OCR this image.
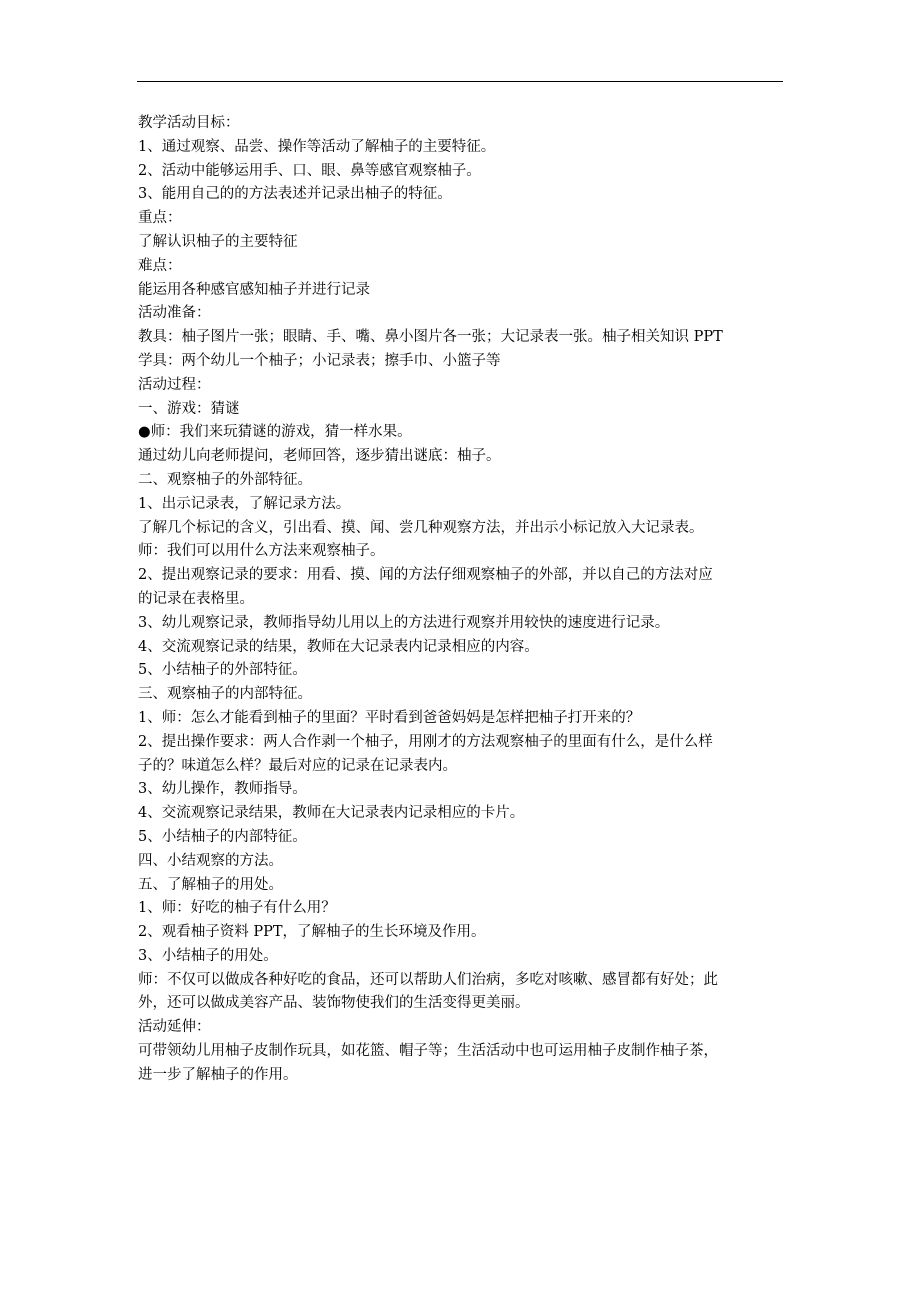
教学活动目标：

1、通过观察、品尝、操作等活动了解柚子的主要特征。

2、活动中能够运用手、口、眼、鼻等感官观察柚子。

3、能用自己的的方法表述并记录出柚子的特征。

重点：

了解认识柚子的主要特征

难点：

能运用各种感官感知柚子并进行记录

活动准备：

教具：柚子图片一张；眼睛、手、嘴、鼻小图片各一张；大记录表一张。柚子相关知识 PPT

学具：两个幼儿一个柚子；小记录表；擦手巾、小篮子等

活动过程：

一、游戏：猜谜

●师：我们来玩猜谜的游戏，猜一样水果。

通过幼儿向老师提问，老师回答，逐步猜出谜底：柚子。

二、观察柚子的外部特征。

1、出示记录表，了解记录方法。

了解几个标记的含义，引出看、摸、闻、尝几种观察方法，并出示小标记放入大记录表。

师：我们可以用什么方法来观察柚子。

2、提出观察记录的要求：用看、摸、闻的方法仔细观察柚子的外部，并以自己的方法对应

的记录在表格里。

3、幼儿观察记录，教师指导幼儿用以上的方法进行观察并用较快的速度进行记录。

4、交流观察记录的结果，教师在大记录表内记录相应的内容。

5、小结柚子的外部特征。

三、观察柚子的内部特征。

1、师：怎么才能看到柚子的里面？平时看到爸爸妈妈是怎样把柚子打开来的？

2、提出操作要求：两人合作剥一个柚子，用刚才的方法观察柚子的里面有什么，是什么样

子的？味道怎么样？最后对应的记录在记录表内。

3、幼儿操作，教师指导。

4、交流观察记录结果，教师在大记录表内记录相应的卡片。

5、小结柚子的内部特征。

四、小结观察的方法。

五、了解柚子的用处。

1、师：好吃的柚子有什么用？

2、观看柚子资料 PPT，了解柚子的生长环境及作用。

3、小结柚子的用处。

师：不仅可以做成各种好吃的食品，还可以帮助人们治病，多吃对咳嗽、感冒都有好处；此

外，还可以做成美容产品、装饰物使我们的生活变得更美丽。

活动延伸：

可带领幼儿用柚子皮制作玩具，如花篮、帽子等；生活活动中也可运用柚子皮制作柚子茶，

进一步了解柚子的作用。
